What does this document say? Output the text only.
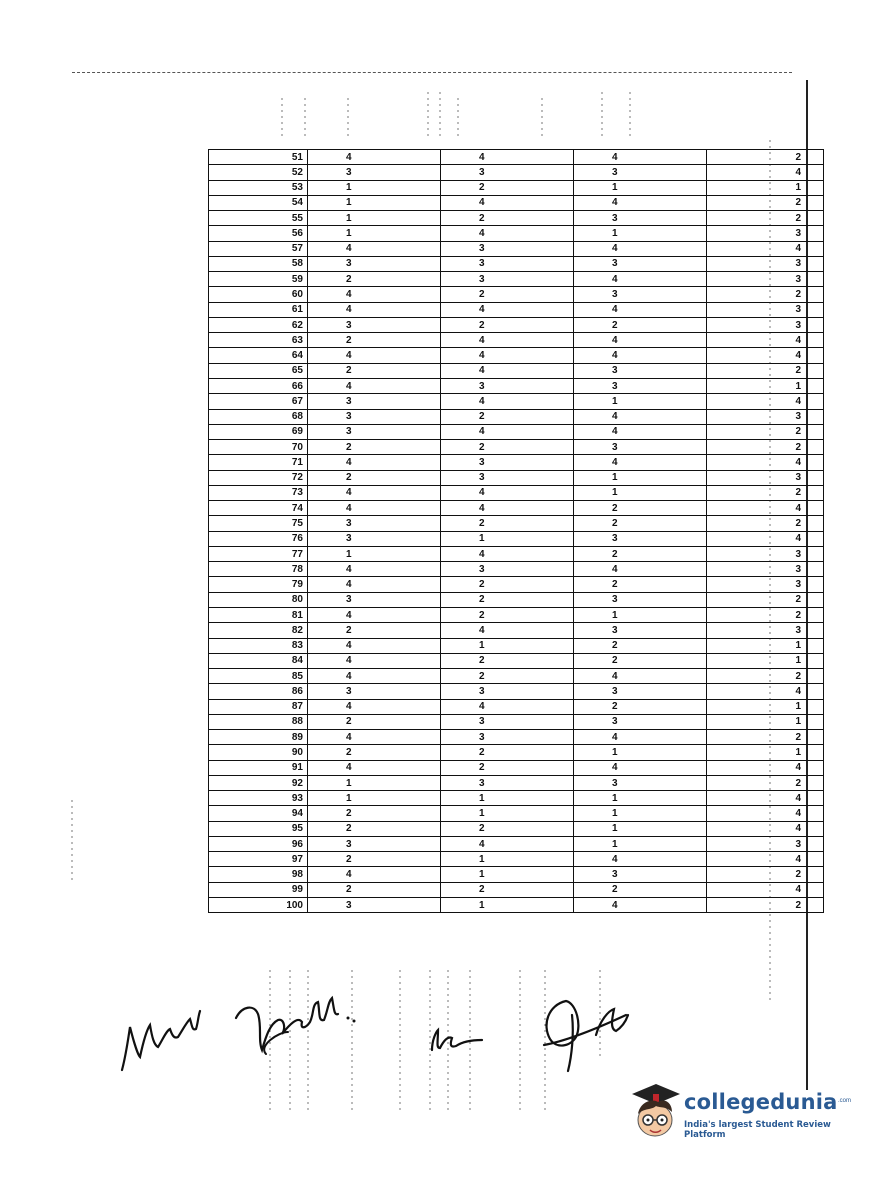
51	4	4	4	2
52	3	3	3	4
53	1	2	1	1
54	1	4	4	2
55	1	2	3	2
56	1	4	1	3
57	4	3	4	4
58	3	3	3	3
59	2	3	4	3
60	4	2	3	2
61	4	4	4	3
62	3	2	2	3
63	2	4	4	4
64	4	4	4	4
65	2	4	3	2
66	4	3	3	1
67	3	4	1	4
68	3	2	4	3
69	3	4	4	2
70	2	2	3	2
71	4	3	4	4
72	2	3	1	3
73	4	4	1	2
74	4	4	2	4
75	3	2	2	2
76	3	1	3	4
77	1	4	2	3
78	4	3	4	3
79	4	2	2	3
80	3	2	3	2
81	4	2	1	2
82	2	4	3	3
83	4	1	2	1
84	4	2	2	1
85	4	2	4	2
86	3	3	3	4
87	4	4	2	1
88	2	3	3	1
89	4	3	4	2
90	2	2	1	1
91	4	2	4	4
92	1	3	3	2
93	1	1	1	4
94	2	1	1	4
95	2	2	1	4
96	3	4	1	3
97	2	1	4	4
98	4	1	3	2
99	2	2	2	4
100	3	1	4	2
collegedunia .com
India's largest Student Review Platform
